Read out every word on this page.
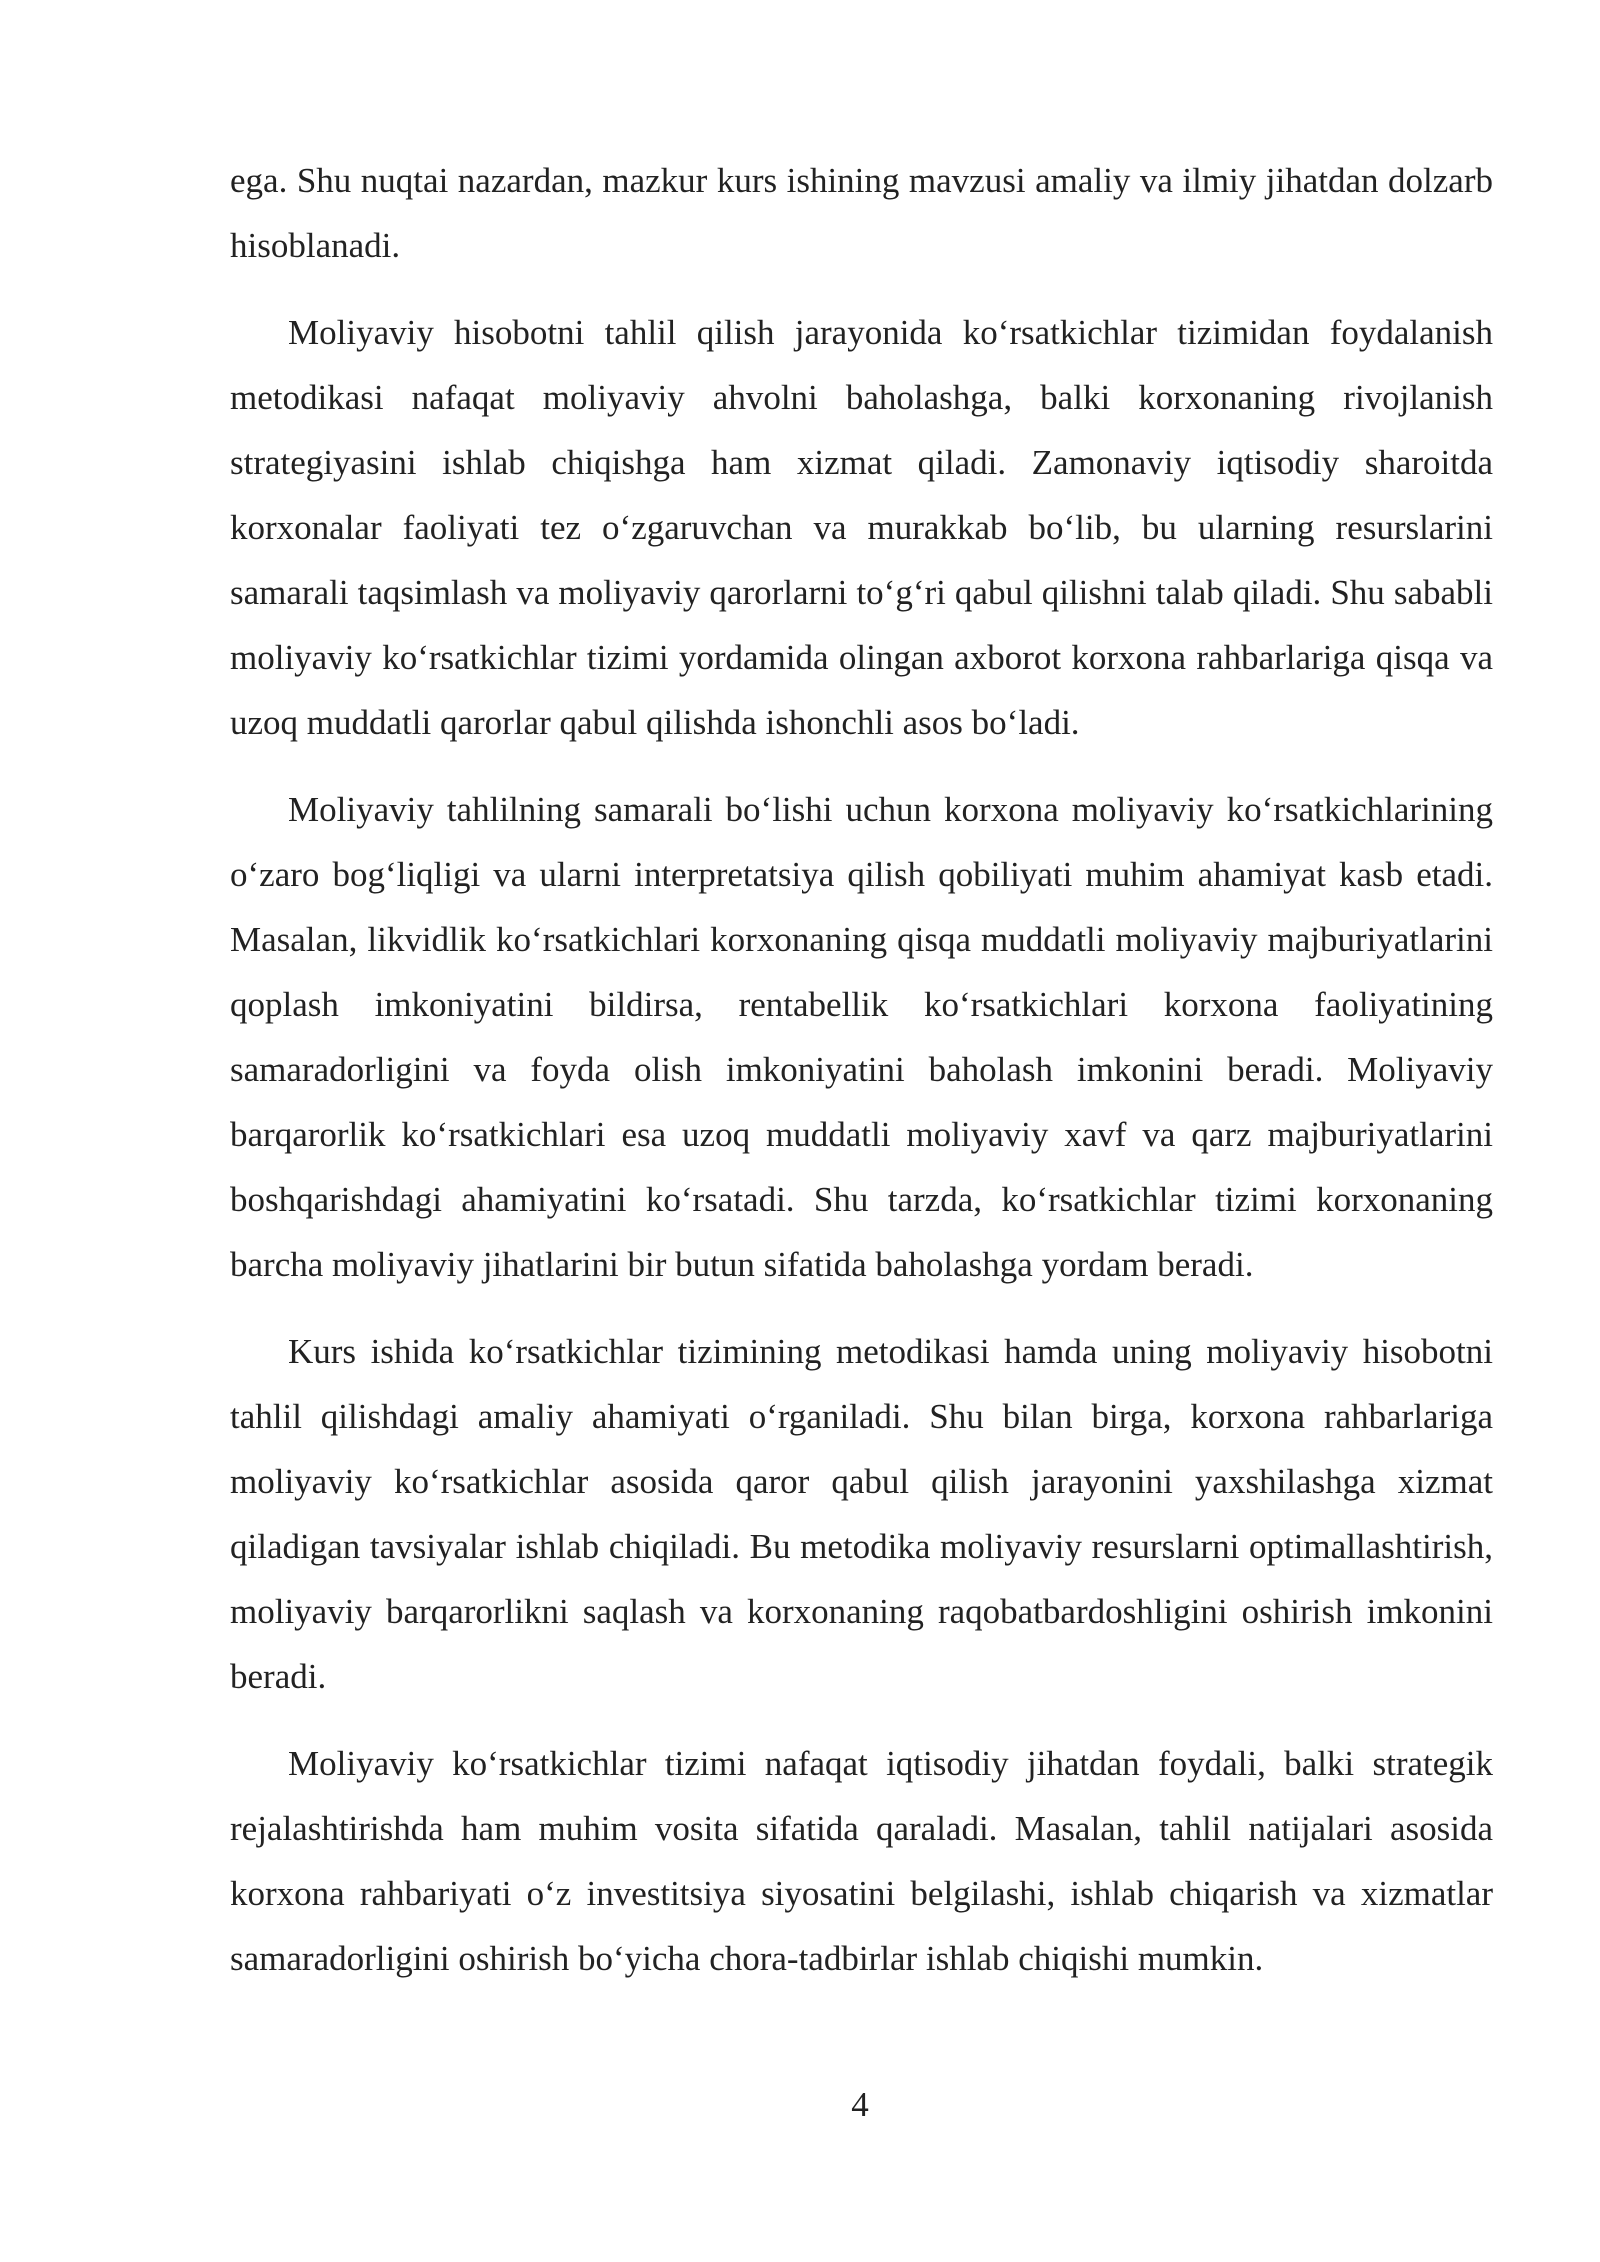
ega. Shu nuqtai nazardan, mazkur kurs ishining mavzusi amaliy va ilmiy jihatdan dolzarb hisoblanadi.

Moliyaviy hisobotni tahlil qilish jarayonida koʻrsatkichlar tizimidan foydalanish metodikasi nafaqat moliyaviy ahvolni baholashga, balki korxonaning rivojlanish strategiyasini ishlab chiqishga ham xizmat qiladi. Zamonaviy iqtisodiy sharoitda korxonalar faoliyati tez oʻzgaruvchan va murakkab boʻlib, bu ularning resurslarini samarali taqsimlash va moliyaviy qarorlarni toʻgʻri qabul qilishni talab qiladi. Shu sababli moliyaviy koʻrsatkichlar tizimi yordamida olingan axborot korxona rahbarlariga qisqa va uzoq muddatli qarorlar qabul qilishda ishonchli asos boʻladi.

Moliyaviy tahlilning samarali boʻlishi uchun korxona moliyaviy koʻrsatkichlarining oʻzaro bogʻliqligi va ularni interpretatsiya qilish qobiliyati muhim ahamiyat kasb etadi. Masalan, likvidlik koʻrsatkichlari korxonaning qisqa muddatli moliyaviy majburiyatlarini qoplash imkoniyatini bildirsa, rentabellik koʻrsatkichlari korxona faoliyatining samaradorligini va foyda olish imkoniyatini baholash imkonini beradi. Moliyaviy barqarorlik koʻrsatkichlari esa uzoq muddatli moliyaviy xavf va qarz majburiyatlarini boshqarishdagi ahamiyatini koʻrsatadi. Shu tarzda, koʻrsatkichlar tizimi korxonaning barcha moliyaviy jihatlarini bir butun sifatida baholashga yordam beradi.

Kurs ishida koʻrsatkichlar tizimining metodikasi hamda uning moliyaviy hisobotni tahlil qilishdagi amaliy ahamiyati oʻrganiladi. Shu bilan birga, korxona rahbarlariga moliyaviy koʻrsatkichlar asosida qaror qabul qilish jarayonini yaxshilashga xizmat qiladigan tavsiyalar ishlab chiqiladi. Bu metodika moliyaviy resurslarni optimallashtirish, moliyaviy barqarorlikni saqlash va korxonaning raqobatbardoshligini oshirish imkonini beradi.

Moliyaviy koʻrsatkichlar tizimi nafaqat iqtisodiy jihatdan foydali, balki strategik rejalashtirishda ham muhim vosita sifatida qaraladi. Masalan, tahlil natijalari asosida korxona rahbariyati oʻz investitsiya siyosatini belgilashi, ishlab chiqarish va xizmatlar samaradorligini oshirish boʻyicha chora-tadbirlar ishlab chiqishi mumkin.

4
